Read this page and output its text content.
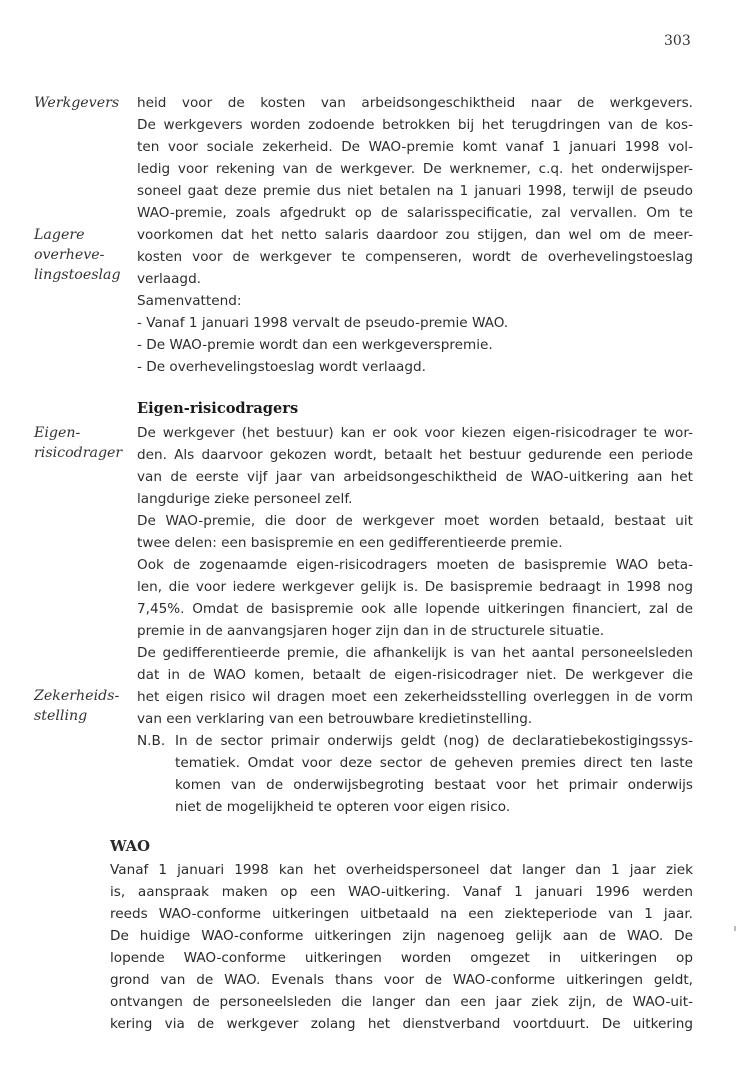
303
Werkgevers
Lagere
overheve-
lingstoeslag
Eigen-
risicodrager
Zekerheids-
stelling
heid voor de kosten van arbeidsongeschiktheid naar de werkgevers.
De werkgevers worden zodoende betrokken bij het terugdringen van de kos-
ten voor sociale zekerheid. De WAO-premie komt vanaf 1 januari 1998 vol-
ledig voor rekening van de werkgever. De werknemer, c.q. het onderwijsper-
soneel gaat deze premie dus niet betalen na 1 januari 1998, terwijl de pseudo
WAO-premie, zoals afgedrukt op de salarisspecificatie, zal vervallen. Om te
voorkomen dat het netto salaris daardoor zou stijgen, dan wel om de meer-
kosten voor de werkgever te compenseren, wordt de overhevelingstoeslag
verlaagd.
Samenvattend:
- Vanaf 1 januari 1998 vervalt de pseudo-premie WAO.
- De WAO-premie wordt dan een werkgeverspremie.
- De overhevelingstoeslag wordt verlaagd.
Eigen-risicodragers
De werkgever (het bestuur) kan er ook voor kiezen eigen-risicodrager te wor-
den. Als daarvoor gekozen wordt, betaalt het bestuur gedurende een periode
van de eerste vijf jaar van arbeidsongeschiktheid de WAO-uitkering aan het
langdurige zieke personeel zelf.
De WAO-premie, die door de werkgever moet worden betaald, bestaat uit
twee delen: een basispremie en een gedifferentieerde premie.
Ook de zogenaamde eigen-risicodragers moeten de basispremie WAO beta-
len, die voor iedere werkgever gelijk is. De basispremie bedraagt in 1998 nog
7,45%. Omdat de basispremie ook alle lopende uitkeringen financiert, zal de
premie in de aanvangsjaren hoger zijn dan in de structurele situatie.
De gedifferentieerde premie, die afhankelijk is van het aantal personeelsleden
dat in de WAO komen, betaalt de eigen-risicodrager niet. De werkgever die
het eigen risico wil dragen moet een zekerheidsstelling overleggen in de vorm
van een verklaring van een betrouwbare kredietinstelling.
N.B. In de sector primair onderwijs geldt (nog) de declaratiebekostigingssys-
tematiek. Omdat voor deze sector de geheven premies direct ten laste
komen van de onderwijsbegroting bestaat voor het primair onderwijs
niet de mogelijkheid te opteren voor eigen risico.
WAO
Vanaf 1 januari 1998 kan het overheidspersoneel dat langer dan 1 jaar ziek
is, aanspraak maken op een WAO-uitkering. Vanaf 1 januari 1996 werden
reeds WAO-conforme uitkeringen uitbetaald na een ziekteperiode van 1 jaar.
De huidige WAO-conforme uitkeringen zijn nagenoeg gelijk aan de WAO. De
lopende WAO-conforme uitkeringen worden omgezet in uitkeringen op
grond van de WAO. Evenals thans voor de WAO-conforme uitkeringen geldt,
ontvangen de personeelsleden die langer dan een jaar ziek zijn, de WAO-uit-
kering via de werkgever zolang het dienstverband voortduurt. De uitkering
